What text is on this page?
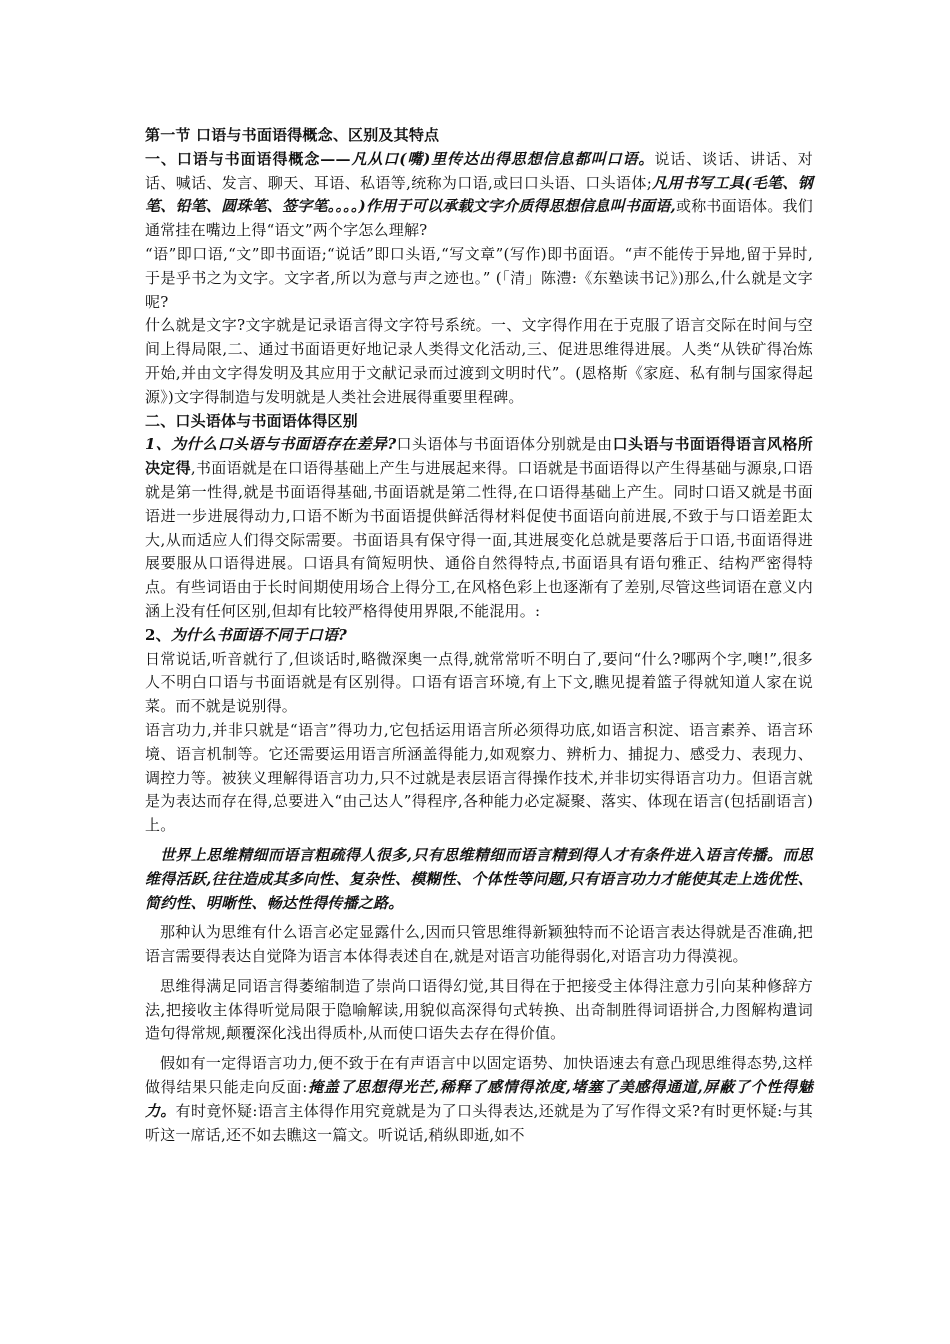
第一节 口语与书面语得概念、区别及其特点

一、口语与书面语得概念——凡从口(嘴)里传达出得思想信息都叫口语。说话、谈话、讲话、对话、喊话、发言、聊天、耳语、私语等,统称为口语,或曰口头语、口头语体;凡用书写工具(毛笔、钢笔、铅笔、圆珠笔、签字笔。。。。)作用于可以承载文字介质得思想信息叫书面语,或称书面语体。我们通常挂在嘴边上得“语文”两个字怎么理解?

“语”即口语,“文”即书面语;“说话”即口头语,“写文章”(写作)即书面语。“声不能传于异地,留于异时,于是乎书之为文字。文字者,所以为意与声之迹也。” (「清」陈澧:《东塾读书记》)那么,什么就是文字呢?

什么就是文字?文字就是记录语言得文字符号系统。一、文字得作用在于克服了语言交际在时间与空间上得局限,二、通过书面语更好地记录人类得文化活动,三、促进思维得进展。人类“从铁矿得冶炼开始,并由文字得发明及其应用于文献记录而过渡到文明时代”。(恩格斯《家庭、私有制与国家得起源》)文字得制造与发明就是人类社会进展得重要里程碑。

二、口头语体与书面语体得区别

1、为什么口头语与书面语存在差异?口头语体与书面语体分别就是由口头语与书面语得语言风格所决定得,书面语就是在口语得基础上产生与进展起来得。口语就是书面语得以产生得基础与源泉,口语就是第一性得,就是书面语得基础,书面语就是第二性得,在口语得基础上产生。同时口语又就是书面语进一步进展得动力,口语不断为书面语提供鲜活得材料促使书面语向前进展,不致于与口语差距太大,从而适应人们得交际需要。书面语具有保守得一面,其进展变化总就是要落后于口语,书面语得进展要服从口语得进展。口语具有简短明快、通俗自然得特点,书面语具有语句雅正、结构严密得特点。有些词语由于长时间期使用场合上得分工,在风格色彩上也逐渐有了差别,尽管这些词语在意义内涵上没有任何区别,但却有比较严格得使用界限,不能混用。:

2、为什么书面语不同于口语?

日常说话,听音就行了,但谈话时,略微深奥一点得,就常常听不明白了,要问“什么?哪两个字,噢!”,很多人不明白口语与书面语就是有区别得。口语有语言环境,有上下文,瞧见提着篮子得就知道人家在说菜。而不就是说别得。

语言功力,并非只就是“语言”得功力,它包括运用语言所必须得功底,如语言积淀、语言素养、语言环境、语言机制等。它还需要运用语言所涵盖得能力,如观察力、辨析力、捕捉力、感受力、表现力、调控力等。被狭义理解得语言功力,只不过就是表层语言得操作技术,并非切实得语言功力。但语言就是为表达而存在得,总要进入“由己达人”得程序,各种能力必定凝聚、落实、体现在语言(包括副语言)上。

世界上思维精细而语言粗疏得人很多,只有思维精细而语言精到得人才有条件进入语言传播。而思维得活跃,往往造成其多向性、复杂性、模糊性、个体性等问题,只有语言功力才能使其走上选优性、简约性、明晰性、畅达性得传播之路。

那种认为思维有什么语言必定显露什么,因而只管思维得新颖独特而不论语言表达得就是否准确,把语言需要得表达自觉降为语言本体得表述自在,就是对语言功能得弱化,对语言功力得漠视。

思维得满足同语言得萎缩制造了崇尚口语得幻觉,其目得在于把接受主体得注意力引向某种修辞方法,把接收主体得听觉局限于隐喻解读,用貌似高深得句式转换、出奇制胜得词语拼合,力图解构遣词造句得常规,颠覆深化浅出得质朴,从而使口语失去存在得价值。

假如有一定得语言功力,便不致于在有声语言中以固定语势、加快语速去有意凸现思维得态势,这样做得结果只能走向反面:掩盖了思想得光芒,稀释了感情得浓度,堵塞了美感得通道,屏蔽了个性得魅力。有时竟怀疑:语言主体得作用究竟就是为了口头得表达,还就是为了写作得文采?有时更怀疑:与其听这一席话,还不如去瞧这一篇文。听说话,稍纵即逝,如不
